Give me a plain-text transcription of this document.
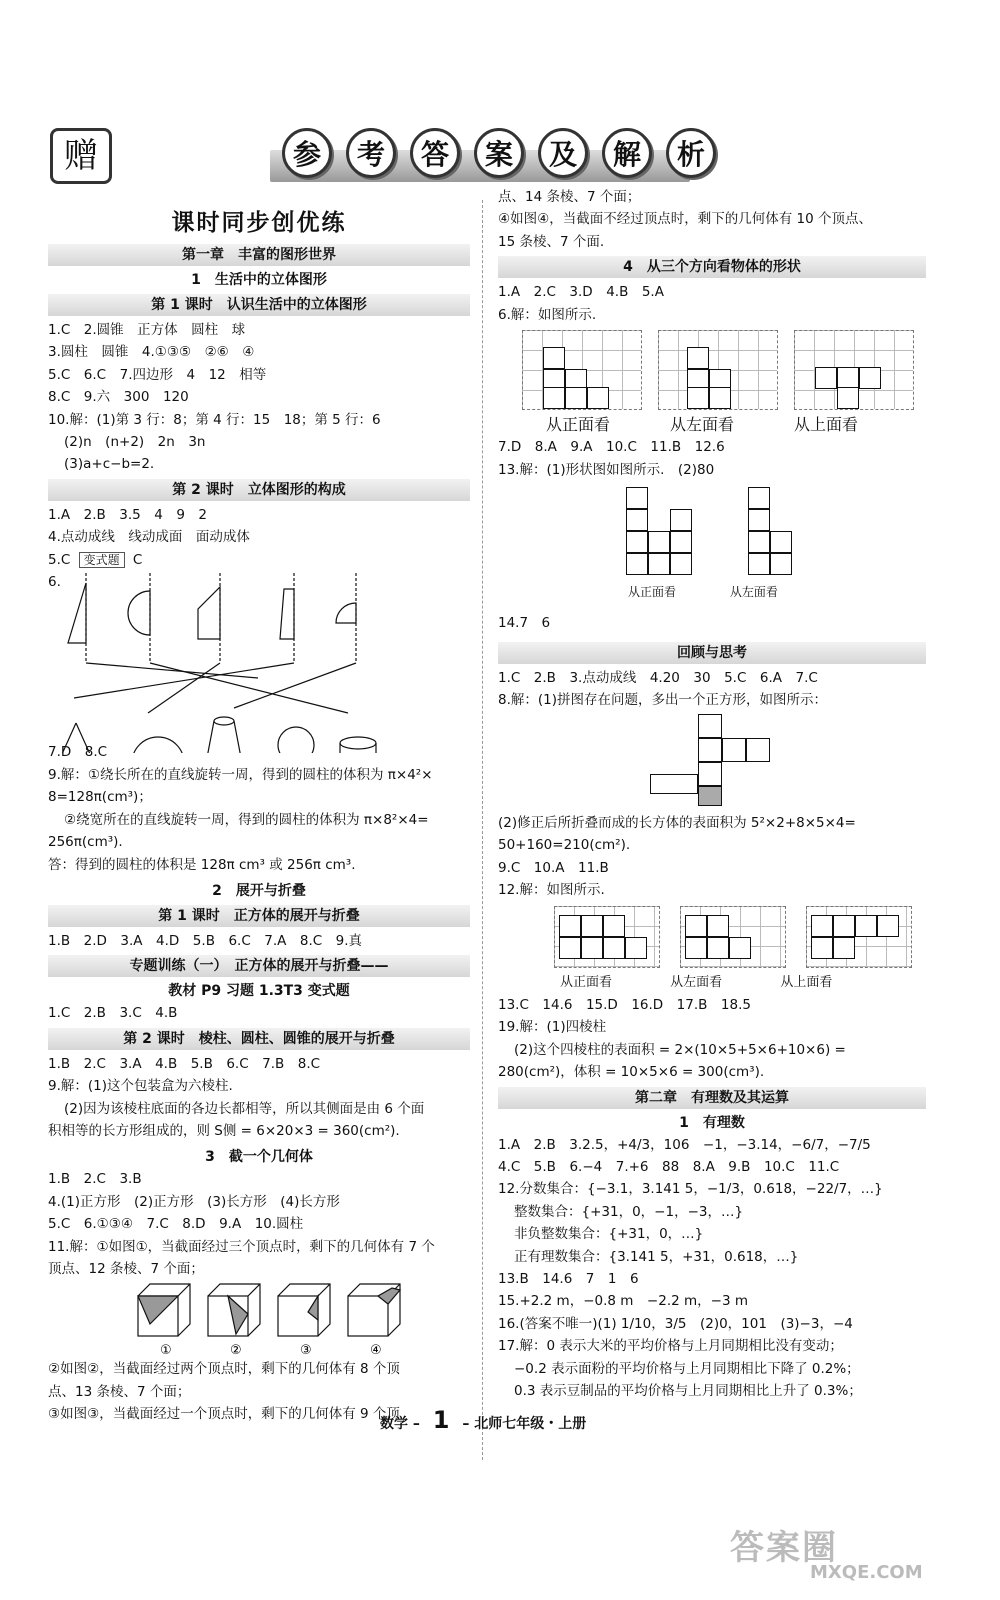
赠	参	考	答	案	及	解	析
课时同步创优练
第一章　丰富的图形世界
1　生活中的立体图形
第 1 课时　认识生活中的立体图形
1.C　2.圆锥　正方体　圆柱　球
3.圆柱　圆锥　4.①③⑤　②⑥　④
5.C　6.C　7.四边形　4　12　相等
8.C　9.六　300　120
10.解：(1)第 3 行：8；第 4 行：15　18；第 5 行：6
(2)n　(n+2)　2n　3n
(3)a+c−b=2.
第 2 课时　立体图形的构成
1.A　2.B　3.5　4　9　2
4.点动成线　线动成面　面动成体
5.C 变式题 C
6.
7.D　8.C
9.解：①绕长所在的直线旋转一周，得到的圆柱的体积为 π×4²×
8=128π(cm³)；
②绕宽所在的直线旋转一周，得到的圆柱的体积为 π×8²×4=
256π(cm³).
答：得到的圆柱的体积是 128π cm³ 或 256π cm³.
2　展开与折叠
第 1 课时　正方体的展开与折叠
1.B　2.D　3.A　4.D　5.B　6.C　7.A　8.C　9.真
专题训练（一）　正方体的展开与折叠——
教材 P9 习题 1.3T3 变式题
1.C　2.B　3.C　4.B
第 2 课时　棱柱、圆柱、圆锥的展开与折叠
1.B　2.C　3.A　4.B　5.B　6.C　7.B　8.C
9.解：(1)这个包装盒为六棱柱.
(2)因为该棱柱底面的各边长都相等，所以其侧面是由 6 个面
积相等的长方形组成的，则 S侧 = 6×20×3 = 360(cm²).
3　截一个几何体
1.B　2.C　3.B
4.(1)正方形　(2)正方形　(3)长方形　(4)长方形
5.C　6.①③④　7.C　8.D　9.A　10.圆柱
11.解：①如图①，当截面经过三个顶点时，剩下的几何体有 7 个
顶点、12 条棱、7 个面；
①	②	③	④
②如图②，当截面经过两个顶点时，剩下的几何体有 8 个顶
点、13 条棱、7 个面；
③如图③，当截面经过一个顶点时，剩下的几何体有 9 个顶
点、14 条棱、7 个面；
④如图④，当截面不经过顶点时，剩下的几何体有 10 个顶点、
15 条棱、7 个面.
4　从三个方向看物体的形状
1.A　2.C　3.D　4.B　5.A
6.解：如图所示.
从正面看	从左面看	从上面看
7.D　8.A　9.A　10.C　11.B　12.6
13.解：(1)形状图如图所示.　(2)80
从正面看	从左面看
14.7　6
回顾与思考
1.C　2.B　3.点动成线　4.20　30　5.C　6.A　7.C
8.解：(1)拼图存在问题，多出一个正方形，如图所示：
(2)修正后所折叠而成的长方体的表面积为 5²×2+8×5×4=
50+160=210(cm²).
9.C　10.A　11.B
12.解：如图所示.
从正面看	从左面看	从上面看
13.C　14.6　15.D　16.D　17.B　18.5
19.解：(1)四棱柱
(2)这个四棱柱的表面积 = 2×(10×5+5×6+10×6) =
280(cm²)，体积 = 10×5×6 = 300(cm³).
第二章　有理数及其运算
1　有理数
1.A　2.B　3.2.5，+4/3，106　−1，−3.14，−6/7，−7/5
4.C　5.B　6.−4　7.+6　88　8.A　9.B　10.C　11.C
12.分数集合：{−3.1，3.141 5，−1/3，0.618，−22/7，…}
整数集合：{+31，0，−1，−3，…}
非负整数集合：{+31，0，…}
正有理数集合：{3.141 5，+31，0.618，…}
13.B　14.6　7　1　6
15.+2.2 m，−0.8 m　−2.2 m，−3 m
16.(答案不唯一)(1) 1/10，3/5　(2)0，101　(3)−3，−4
17.解：0 表示大米的平均价格与上月同期相比没有变动；
−0.2 表示面粉的平均价格与上月同期相比下降了 0.2%；
0.3 表示豆制品的平均价格与上月同期相比上升了 0.3%；
数学 – 1 – 北师七年级・上册
答案圈
MXQE.COM
